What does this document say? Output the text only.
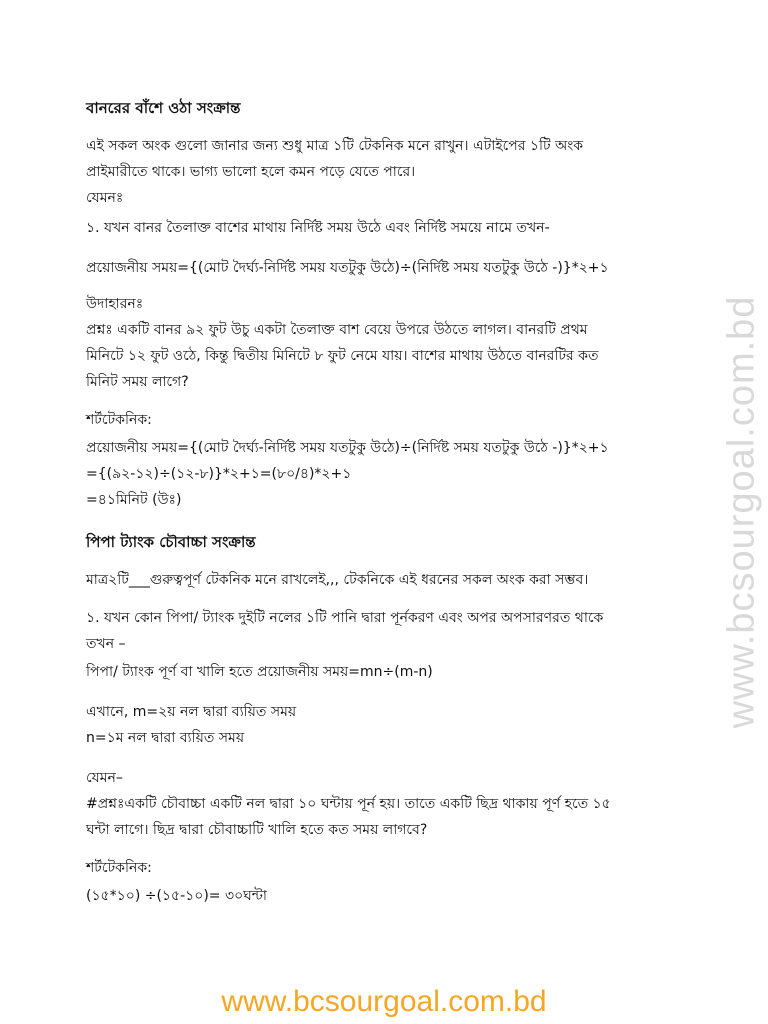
বানরের বাঁশে ওঠা সংক্রান্ত

এই সকল অংক গুলো জানার জন্য শুধু মাত্র ১টি টেকনিক মনে রাখুন। এটাইপের ১টি অংক

প্রাইমারীতে থাকে। ভাগ্য ভালো হলে কমন পড়ে যেতে পারে।

যেমনঃ

১. যখন বানর তৈলাক্ত বাশের মাথায় নির্দিষ্ট সময় উঠে এবং নির্দিষ্ট সময়ে নামে তখন-

প্রয়োজনীয় সময়={(মোট দৈর্ঘ্য-নির্দিষ্ট সময় যতটুকু উঠে)÷(নির্দিষ্ট সময় যতটুকু উঠে -)}*২+১

উদাহারনঃ

প্রশ্নঃ একটি বানর ৯২ ফুট উচু একটা তৈলাক্ত বাশ বেয়ে উপরে উঠতে লাগল। বানরটি প্রথম

মিনিটে ১২ ফুট ওঠে, কিন্তু দ্বিতীয় মিনিটে ৮ ফুট নেমে যায়। বাশের মাথায় উঠতে বানরটির কত

মিনিট সময় লাগে?

শর্টটেকনিক:

প্রয়োজনীয় সময়={(মোট দৈর্ঘ্য-নির্দিষ্ট সময় যতটুকু উঠে)÷(নির্দিষ্ট সময় যতটুকু উঠে -)}*২+১

={(৯২-১২)÷(১২-৮)}*২+১=(৮০/৪)*২+১

=৪১মিনিট (উঃ)

পিপা ট্যাংক চৌবাচ্চা সংক্রান্ত

মাত্র২টি___গুরুত্বপূর্ণ টেকনিক মনে রাখলেই,,, টেকনিকে এই ধরনের সকল অংক করা সম্ভব।

১. যখন কোন পিপা/ ট্যাংক দুইটি নলের ১টি পানি দ্বারা পূর্নকরণ এবং অপর অপসারণরত থাকে

তখন –

পিপা/ ট্যাংক পূর্ণ বা খালি হতে প্রয়োজনীয় সময়=mn÷(m-n)

এখানে, m=২য় নল দ্বারা ব্যয়িত সময়

n=১ম নল দ্বারা ব্যয়িত সময়

যেমন–

#প্রশ্নঃএকটি চৌবাচ্চা একটি নল দ্বারা ১০ ঘন্টায় পূর্ন হয়। তাতে একটি ছিদ্র থাকায় পূর্ণ হতে ১৫

ঘন্টা লাগে। ছিদ্র দ্বারা চৌবাচ্চাটি খালি হতে কত সময় লাগবে?

শর্টটেকনিক:

(১৫*১০) ÷(১৫-১০)= ৩০ঘন্টা

www.bcsourgoal.com.bd

www.bcsourgoal.com.bd
